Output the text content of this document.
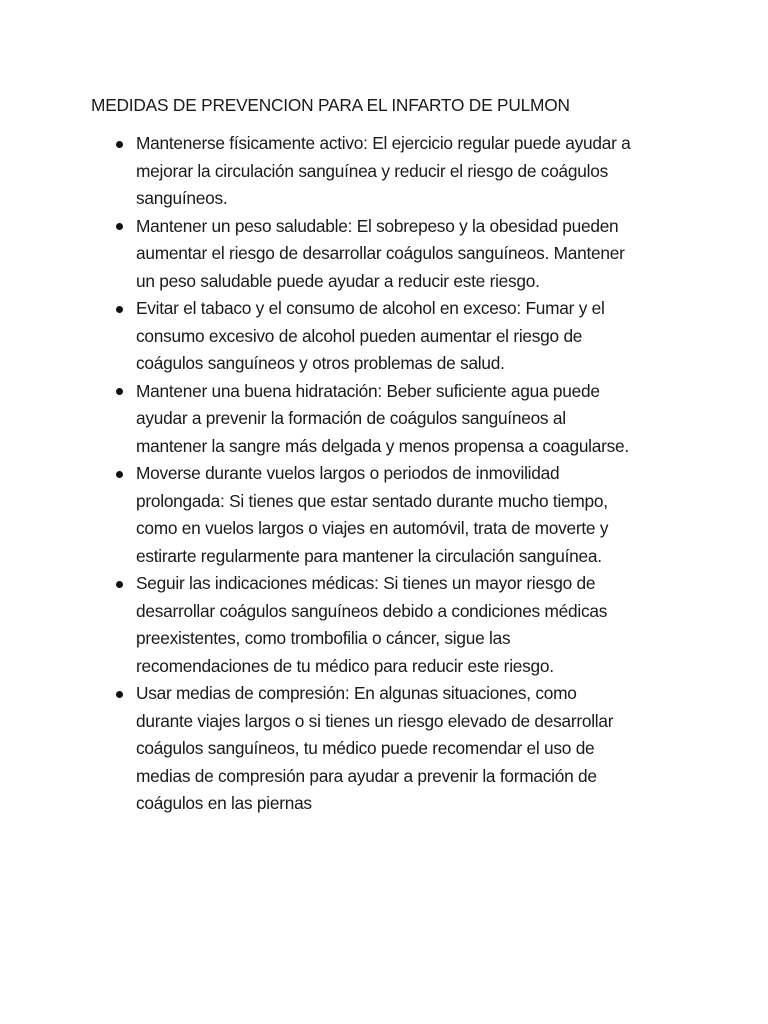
MEDIDAS DE PREVENCION PARA EL INFARTO DE PULMON
Mantenerse físicamente activo: El ejercicio regular puede ayudar a
mejorar la circulación sanguínea y reducir el riesgo de coágulos
sanguíneos.
Mantener un peso saludable: El sobrepeso y la obesidad pueden
aumentar el riesgo de desarrollar coágulos sanguíneos. Mantener
un peso saludable puede ayudar a reducir este riesgo.
Evitar el tabaco y el consumo de alcohol en exceso: Fumar y el
consumo excesivo de alcohol pueden aumentar el riesgo de
coágulos sanguíneos y otros problemas de salud.
Mantener una buena hidratación: Beber suficiente agua puede
ayudar a prevenir la formación de coágulos sanguíneos al
mantener la sangre más delgada y menos propensa a coagularse.
Moverse durante vuelos largos o periodos de inmovilidad
prolongada: Si tienes que estar sentado durante mucho tiempo,
como en vuelos largos o viajes en automóvil, trata de moverte y
estirarte regularmente para mantener la circulación sanguínea.
Seguir las indicaciones médicas: Si tienes un mayor riesgo de
desarrollar coágulos sanguíneos debido a condiciones médicas
preexistentes, como trombofilia o cáncer, sigue las
recomendaciones de tu médico para reducir este riesgo.
Usar medias de compresión: En algunas situaciones, como
durante viajes largos o si tienes un riesgo elevado de desarrollar
coágulos sanguíneos, tu médico puede recomendar el uso de
medias de compresión para ayudar a prevenir la formación de
coágulos en las piernas
